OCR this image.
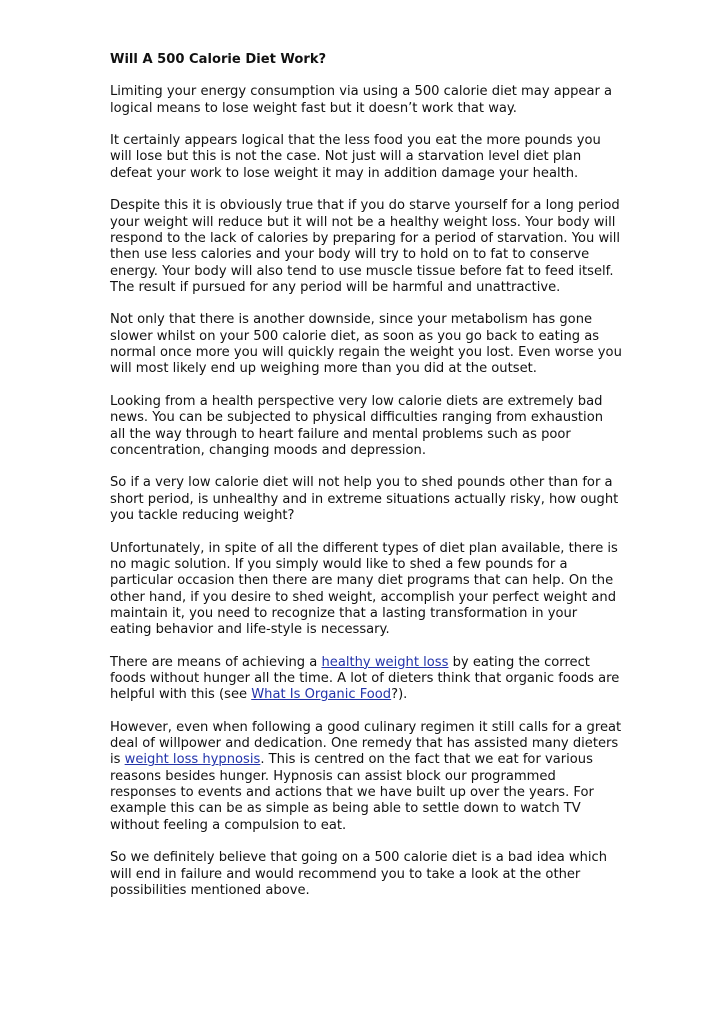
Will A 500 Calorie Diet Work?
Limiting your energy consumption via using a 500 calorie diet may appear a logical means to lose weight fast but it doesn’t work that way.
It certainly appears logical that the less food you eat the more pounds you will lose but this is not the case. Not just will a starvation level diet plan defeat your work to lose weight it may in addition damage your health.
Despite this it is obviously true that if you do starve yourself for a long period your weight will reduce but it will not be a healthy weight loss. Your body will respond to the lack of calories by preparing for a period of starvation. You will then use less calories and your body will try to hold on to fat to conserve energy. Your body will also tend to use muscle tissue before fat to feed itself. The result if pursued for any period will be harmful and unattractive.
Not only that there is another downside, since your metabolism has gone slower whilst on your 500 calorie diet, as soon as you go back to eating as normal once more you will quickly regain the weight you lost. Even worse you will most likely end up weighing more than you did at the outset.
Looking from a health perspective very low calorie diets are extremely bad news. You can be subjected to physical difficulties ranging from exhaustion all the way through to heart failure and mental problems such as poor concentration, changing moods and depression.
So if a very low calorie diet will not help you to shed pounds other than for a short period, is unhealthy and in extreme situations actually risky, how ought you tackle reducing weight?
Unfortunately, in spite of all the different types of diet plan available, there is no magic solution. If you simply would like to shed a few pounds for a particular occasion then there are many diet programs that can help. On the other hand, if you desire to shed weight, accomplish your perfect weight and maintain it, you need to recognize that a lasting transformation in your eating behavior and life-style is necessary.
There are means of achieving a healthy weight loss by eating the correct foods without hunger all the time. A lot of dieters think that organic foods are helpful with this (see What Is Organic Food?).
However, even when following a good culinary regimen it still calls for a great deal of willpower and dedication. One remedy that has assisted many dieters is weight loss hypnosis. This is centred on the fact that we eat for various reasons besides hunger. Hypnosis can assist block our programmed responses to events and actions that we have built up over the years. For example this can be as simple as being able to settle down to watch TV without feeling a compulsion to eat.
So we definitely believe that going on a 500 calorie diet is a bad idea which will end in failure and would recommend you to take a look at the other possibilities mentioned above.
